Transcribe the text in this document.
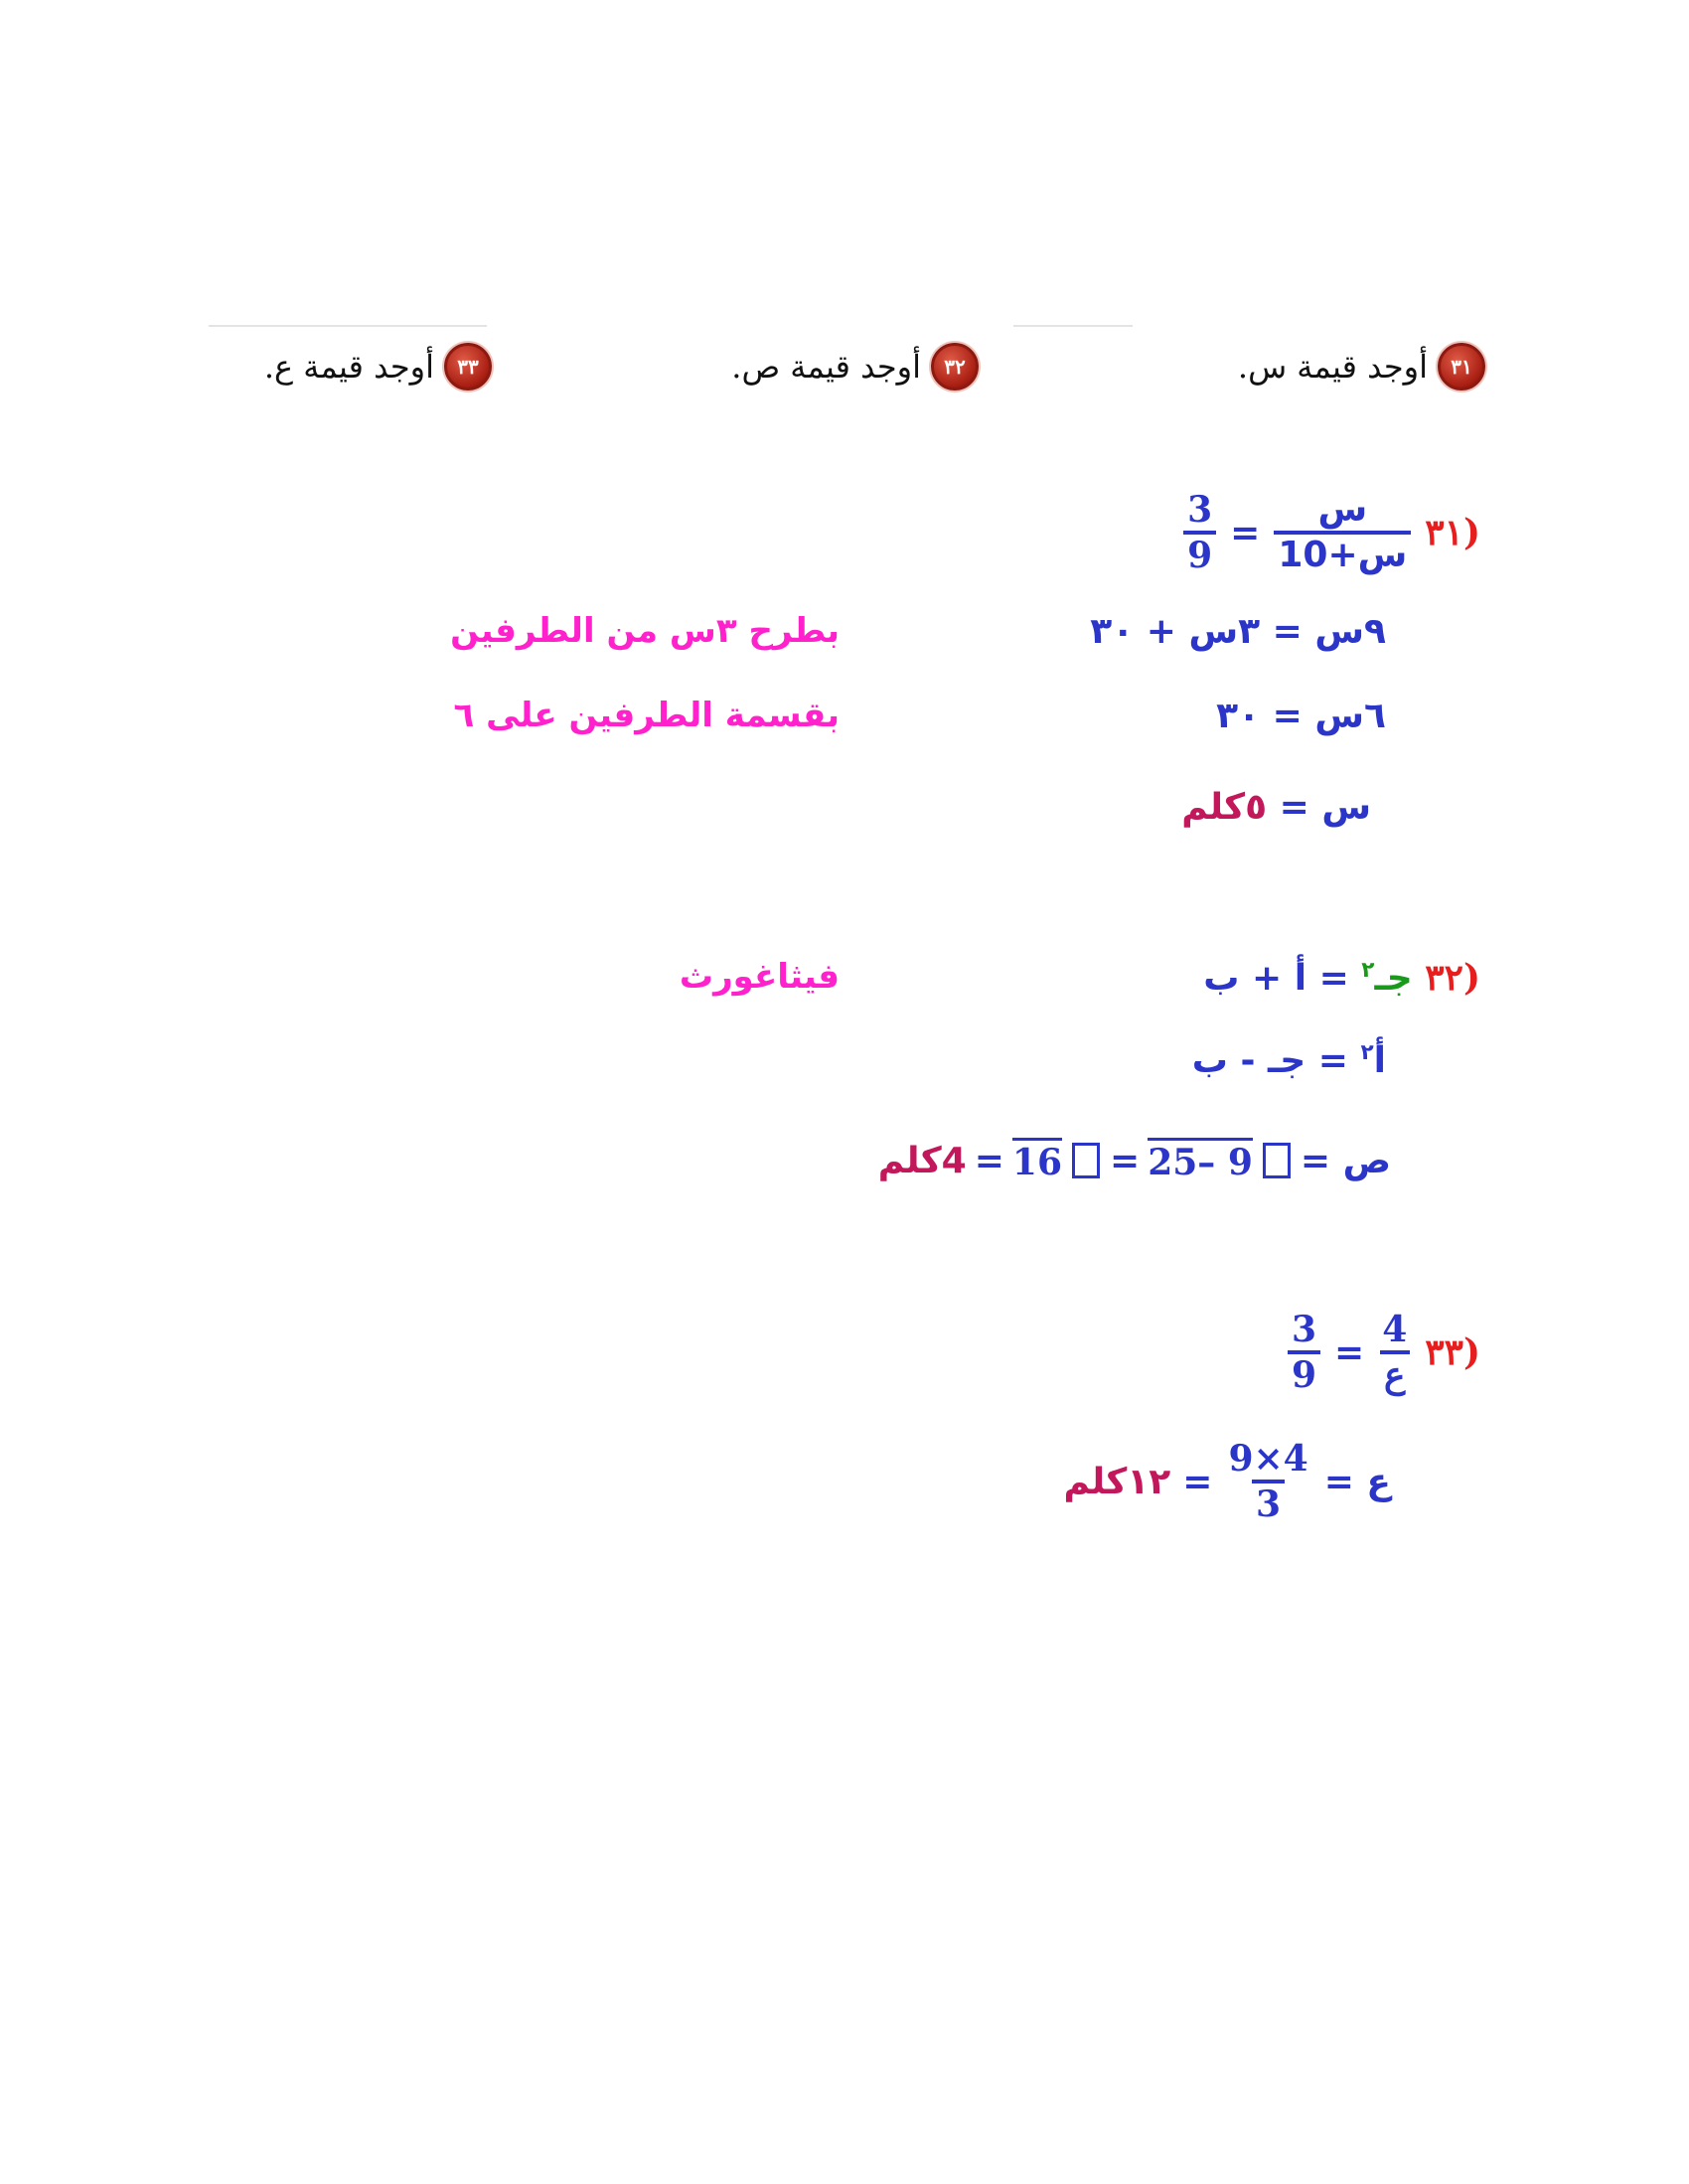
٣١
أوجد قيمة س.
٣٢
أوجد قيمة ص.
٣٣
أوجد قيمة ع.
(٣١
$\frac{\text{س}}{\text{س+10}}$
=
$\frac{3}{9}$
٩س = ٣س + ٣٠
بطرح ٣س من الطرفين
٦س = ٣٠
بقسمة الطرفين على ٦
س = ٥كلم
(٣٢ جـ$^٢$ = أ + ب
فيثاغورث
أ$^٢$ = جـ - ب
ص =
25– 9
=
16
=
4كلم
(٣٣
$\frac{4}{\text{ع}}$
=
$\frac{3}{9}$
ع =
$\frac{9\times 4}{3}$
=
١٢كلم
